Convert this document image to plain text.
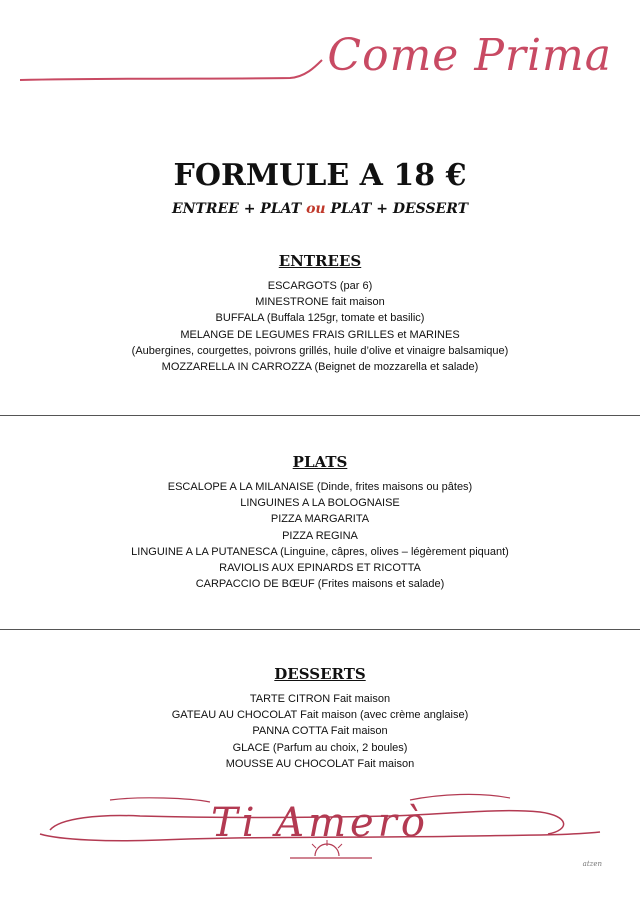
Come Prima
FORMULE A 18 €
ENTREE + PLAT ou PLAT + DESSERT
ENTREES
ESCARGOTS (par 6)
MINESTRONE fait maison
BUFFALA (Buffala 125gr, tomate et basilic)
MELANGE DE LEGUMES FRAIS GRILLES et MARINES
(Aubergines, courgettes, poivrons grillés, huile d’olive et vinaigre balsamique)
MOZZARELLA IN CARROZZA (Beignet de mozzarella et salade)
PLATS
ESCALOPE A LA MILANAISE (Dinde, frites maisons ou pâtes)
LINGUINES A LA BOLOGNAISE
PIZZA MARGARITA
PIZZA REGINA
LINGUINE A LA PUTANESCA (Linguine, câpres, olives – légèrement piquant)
RAVIOLIS AUX EPINARDS ET RICOTTA
CARPACCIO DE BŒUF (Frites maisons et salade)
DESSERTS
TARTE CITRON Fait maison
GATEAU AU CHOCOLAT Fait maison (avec crème anglaise)
PANNA COTTA Fait maison
GLACE (Parfum au choix, 2 boules)
MOUSSE AU CHOCOLAT Fait maison
Ti Amerò
atzen
